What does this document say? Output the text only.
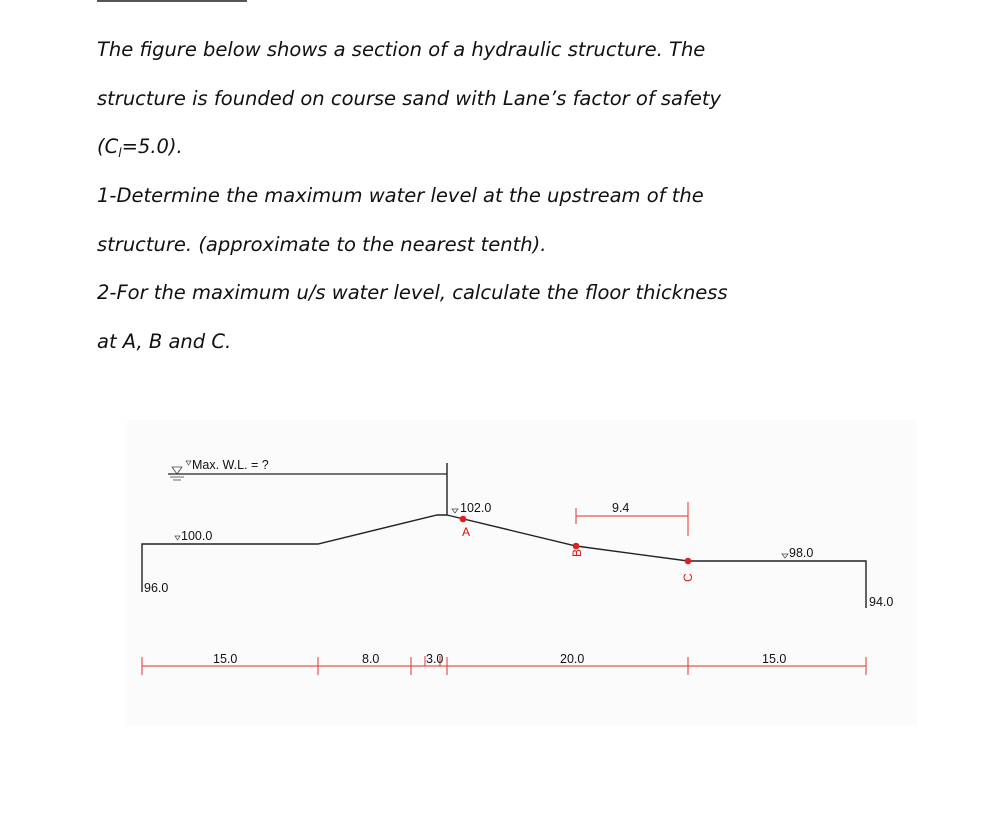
The figure below shows a section of a hydraulic structure. The
structure is founded on course sand with Lane’s factor of safety
$(C_l=5.0)$.
1-Determine the maximum water level at the upstream of the
structure. (approximate to the nearest tenth).
2-For the maximum u/s water level, calculate the floor thickness
at A, B and C.
Max. W.L. = ?
100.0
96.0
102.0
98.0
94.0
A
B
C
9.4
15.0	8.0	3.0	20.0	15.0
